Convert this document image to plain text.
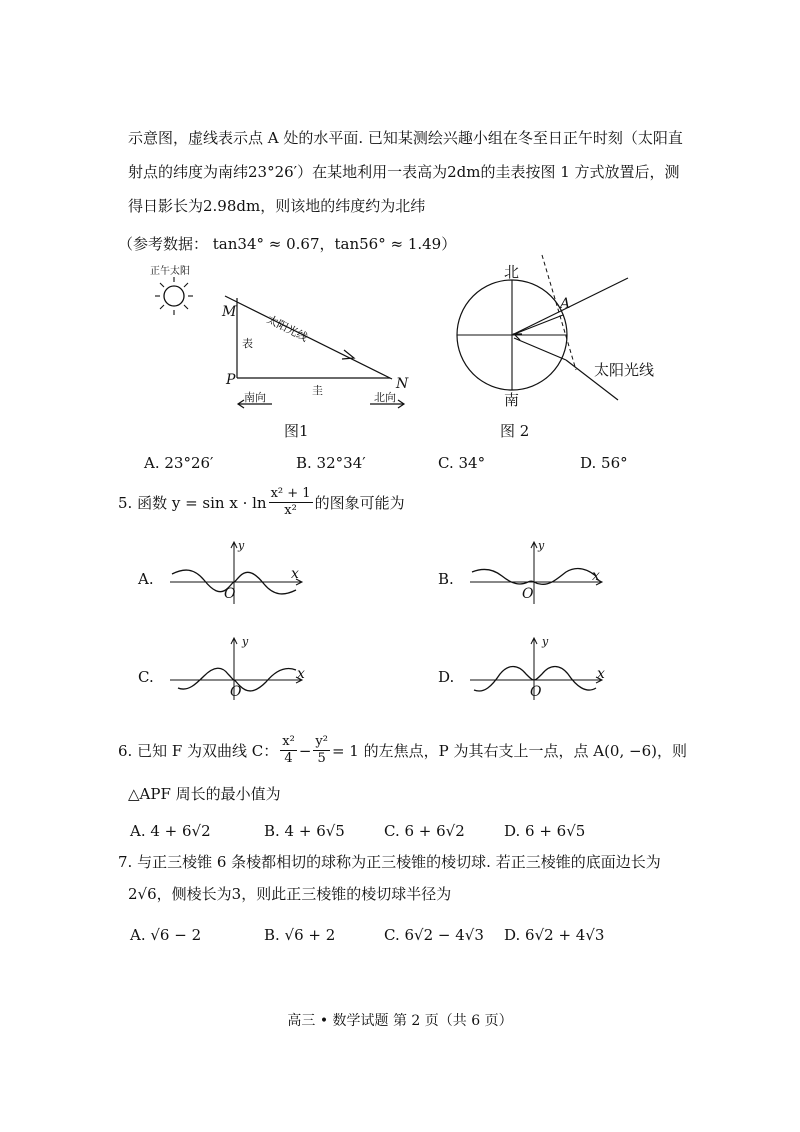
示意图，虚线表示点 A 处的水平面. 已知某测绘兴趣小组在冬至日正午时刻（太阳直
射点的纬度为南纬23°26′）在某地利用一表高为2dm的圭表按图 1 方式放置后，测
得日影长为2.98dm，则该地的纬度约为北纬
（参考数据： tan34° ≈ 0.67，tan56° ≈ 1.49）
正午太阳
M
P	N
表
圭
太阳光线
南向	北向
图1
北
南
A
太阳光线
图 2
A. 23°26′	B. 32°34′	C. 34°	D. 56°
5. 函数 $y = \sin x \cdot \ln \frac{\text{x² + 1}}{\text{x²}}$ 的图象可能为
A.	B.
C.	D.
x
y
O
x
y
O
x
y
O
x
y
O
6. 已知 F 为双曲线 C： $\frac{\text{x²}}{4} - \frac{\text{y²}}{5} = 1$ 的左焦点，P 为其右支上一点，点 A(0, −6)，则
△APF 周长的最小值为
A. 4 + 6√2	B. 4 + 6√5	C. 6 + 6√2	D. 6 + 6√5
7. 与正三棱锥 6 条棱都相切的球称为正三棱锥的棱切球. 若正三棱锥的底面边长为
2√6，侧棱长为3，则此正三棱锥的棱切球半径为
A. √6 − 2	B. √6 + 2	C. 6√2 − 4√3 D. 6√2 + 4√3
高三 • 数学试题 第 2 页（共 6 页）
